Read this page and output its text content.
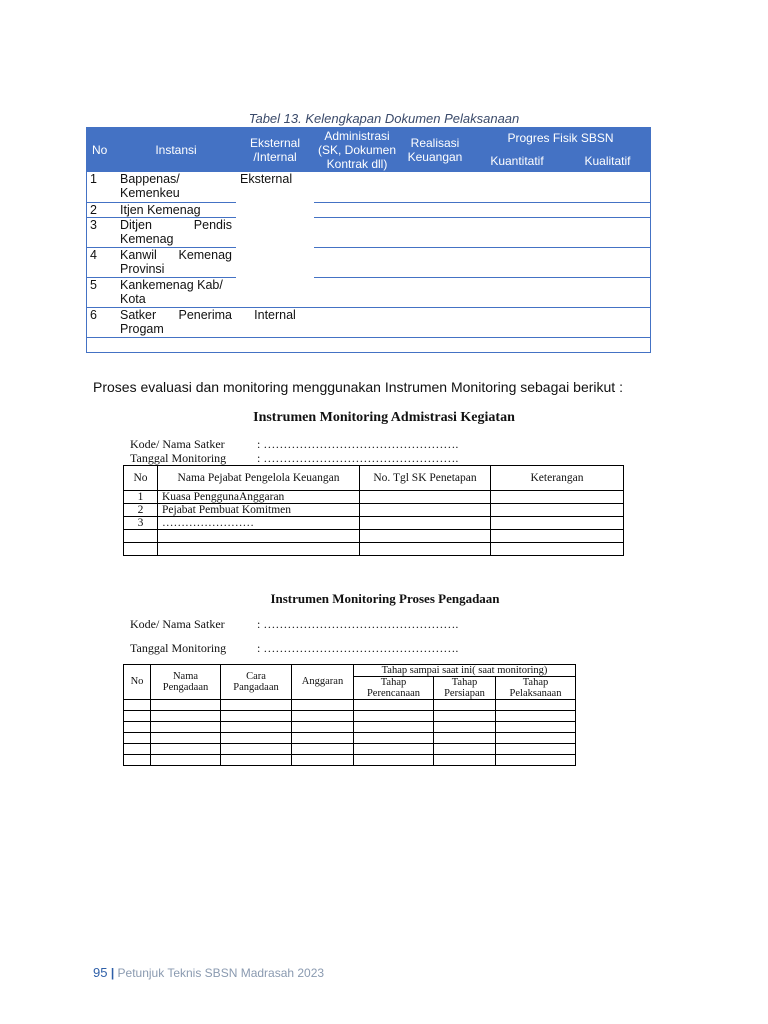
Tabel 13. Kelengkapan Dokumen Pelaksanaan
No	Instansi	Eksternal /Internal	Administrasi (SK, Dokumen Kontrak dll)	Realisasi Keuangan	Progres Fisik SBSN	
					Kuantitatif	Kualitatif
1	Bappenas/ Kemenkeu	Eksternal				
2	Itjen Kemenag					
3	Ditjen Pendis Kemenag					
4	Kanwil Kemenag Provinsi					
5	Kankemenag Kab/ Kota					
6	Satker Penerima Progam	Internal				

Proses evaluasi dan monitoring menggunakan Instrumen Monitoring sebagai berikut :
Instrumen Monitoring Admistrasi Kegiatan
Kode/ Nama Satker	: ………………………………………….
Tanggal Monitoring	: ………………………………………….
No	Nama Pejabat Pengelola Keuangan	No. Tgl SK Penetapan	Keterangan
1	Kuasa PenggunaAnggaran		
2	Pejabat Pembuat Komitmen		
3	……………………		

Instrumen Monitoring Proses Pengadaan
Kode/ Nama Satker	: ………………………………………….
Tanggal Monitoring	: ………………………………………….
No	Nama Pengadaan	Cara Pangadaan	Anggaran	Tahap sampai saat ini( saat monitoring)		
				Tahap Perencanaan	Tahap Persiapan	Tahap Pelaksanaan

95 | Petunjuk Teknis SBSN Madrasah 2023
